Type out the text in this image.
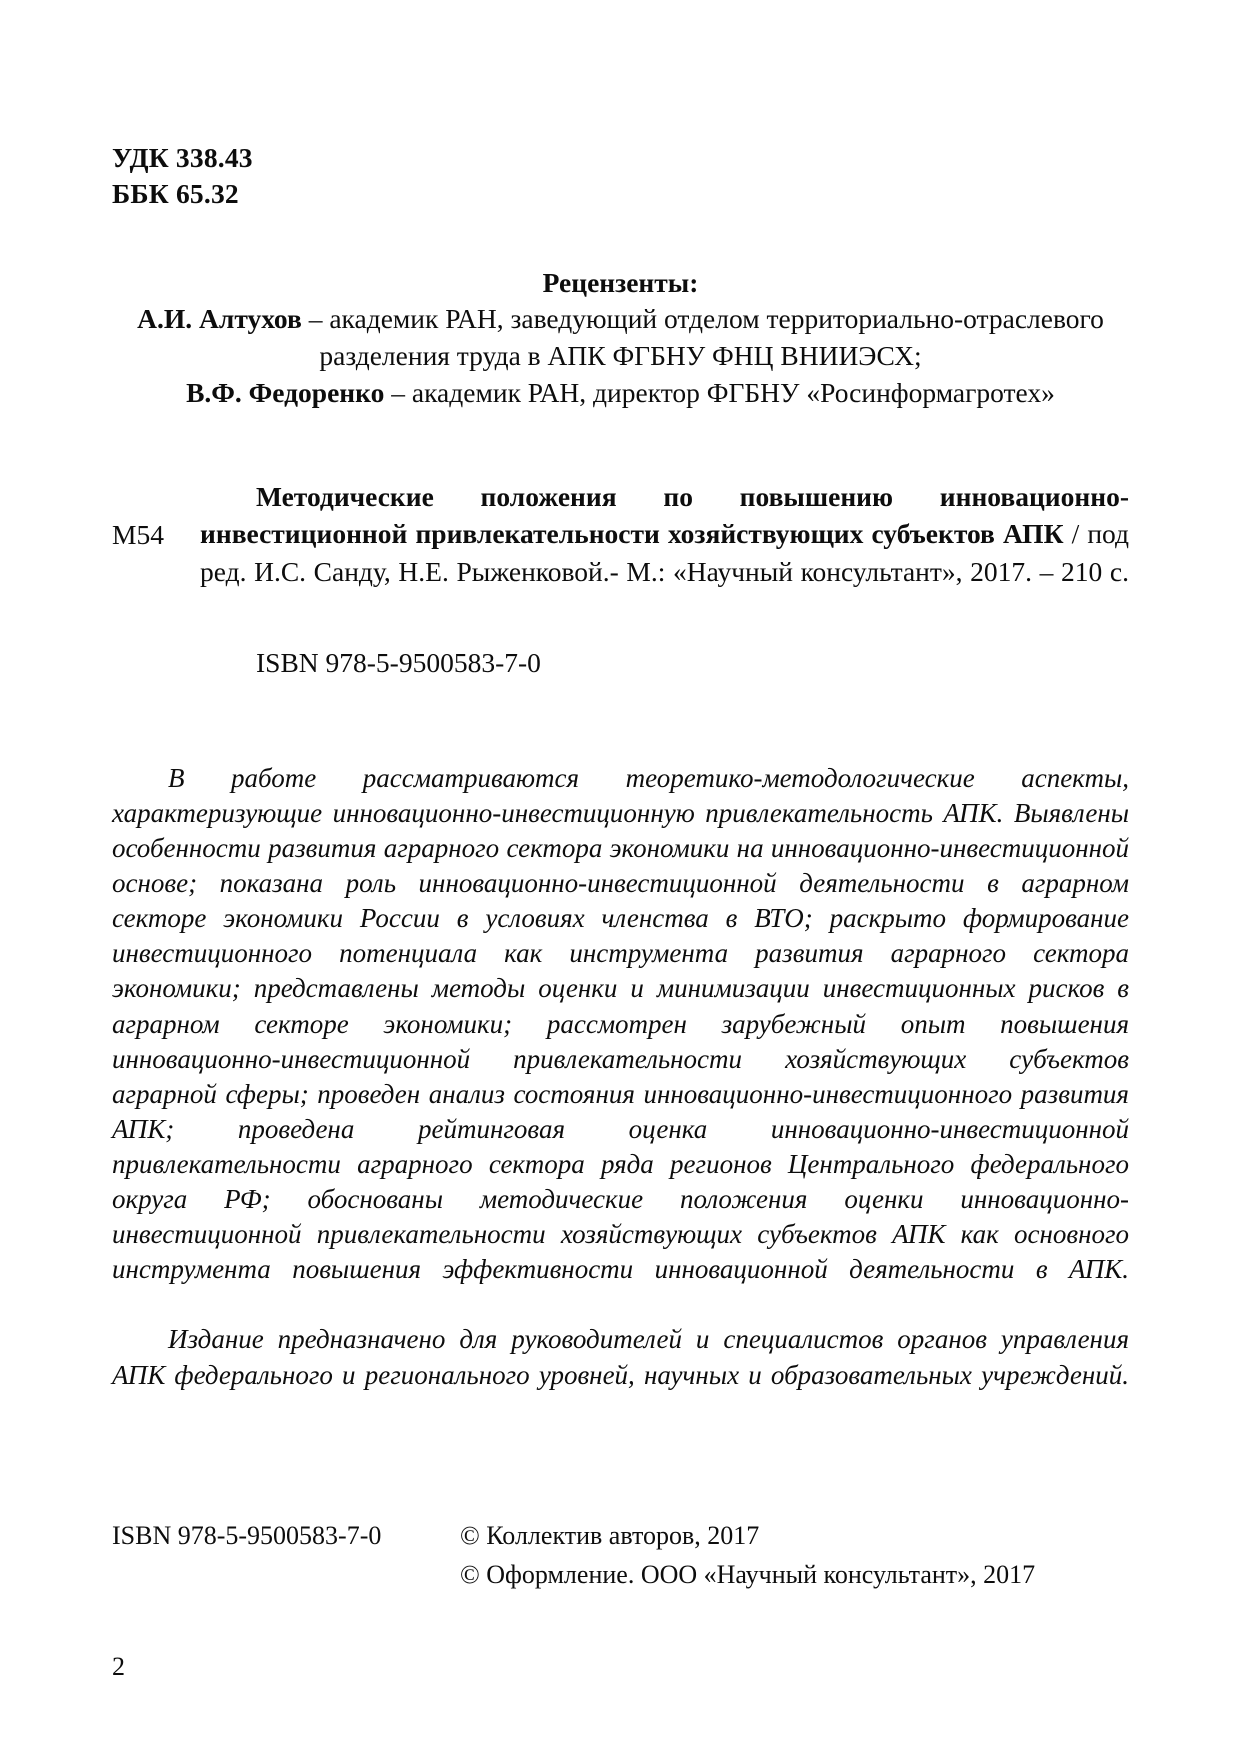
УДК 338.43
ББК 65.32
Рецензенты:
А.И. Алтухов – академик РАН, заведующий отделом территориально-отраслевого разделения труда в АПК ФГБНУ ФНЦ ВНИИЭСХ;
В.Ф. Федоренко – академик РАН, директор ФГБНУ «Росинформагротех»
М54
Методические положения по повышению инновационно-инвестиционной привлекательности хозяйствующих субъектов АПК / под ред. И.С. Санду, Н.Е. Рыженковой.- М.: «Научный консультант», 2017. – 210 с.
ISBN 978-5-9500583-7-0

В работе рассматриваются теоретико-методологические аспекты, характеризующие инновационно-инвестиционную привлекательность АПК. Выявлены особенности развития аграрного сектора экономики на инновационно-инвестиционной основе; показана роль инновационно-инвестиционной деятельности в аграрном секторе экономики России в условиях членства в ВТО; раскрыто формирование инвестиционного потенциала как инструмента развития аграрного сектора экономики; представлены методы оценки и минимизации инвестиционных рисков в аграрном секторе экономики; рассмотрен зарубежный опыт повышения инновационно-инвестиционной привлекательности хозяйствующих субъектов аграрной сферы; проведен анализ состояния инновационно-инвестиционного развития АПК; проведена рейтинговая оценка инновационно-инвестиционной привлекательности аграрного сектора ряда регионов Центрального федерального округа РФ; обоснованы методические положения оценки инновационно-инвестиционной привлекательности хозяйствующих субъектов АПК как основного инструмента повышения эффективности инновационной деятельности в АПК.

Издание предназначено для руководителей и специалистов органов управления АПК федерального и регионального уровней, научных и образовательных учреждений.

ISBN 978-5-9500583-7-0	© Коллектив авторов, 2017
© Оформление. ООО «Научный консультант», 2017
2
